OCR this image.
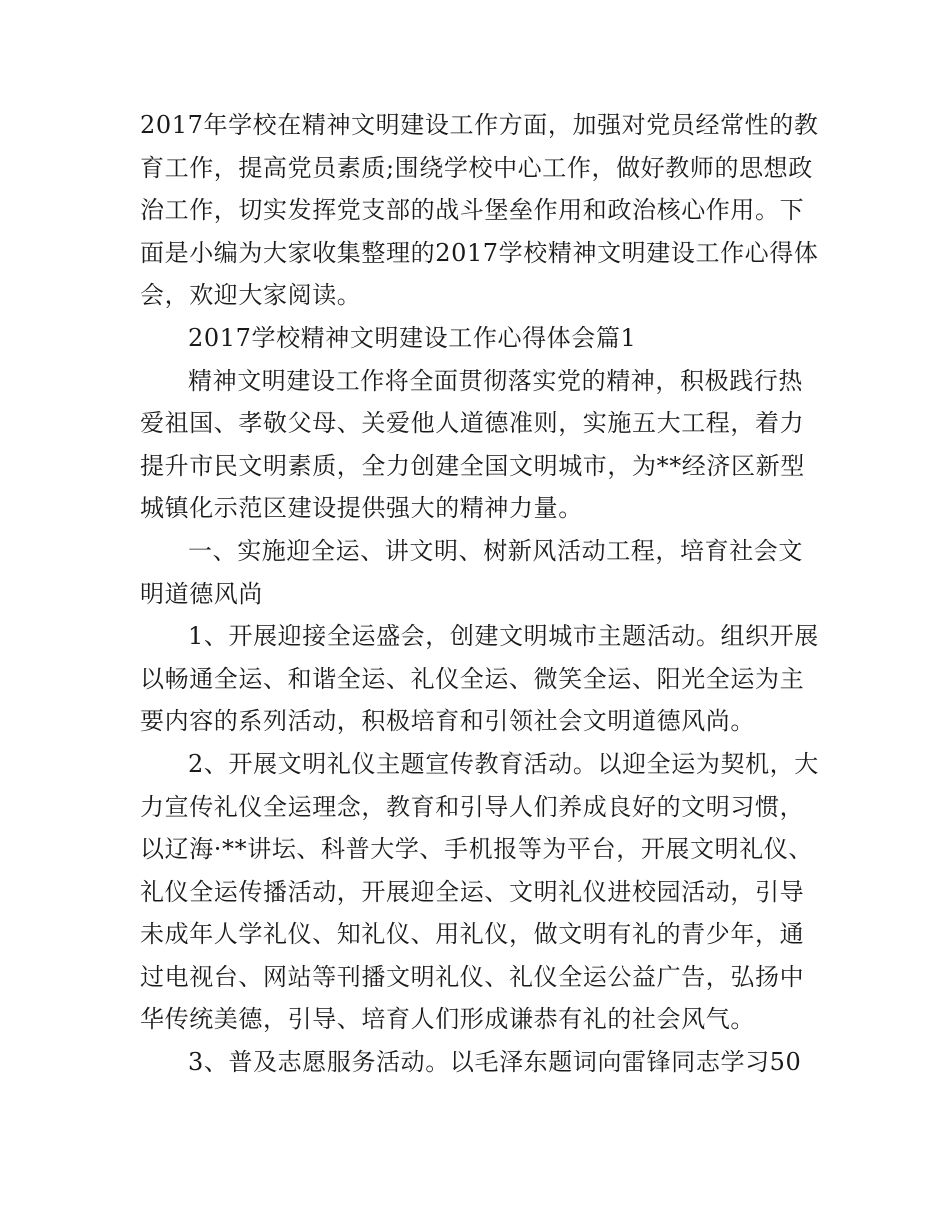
2017年学校在精神文明建设工作方面，加强对党员经常性的教育工作，提高党员素质;围绕学校中心工作，做好教师的思想政治工作，切实发挥党支部的战斗堡垒作用和政治核心作用。下面是小编为大家收集整理的2017学校精神文明建设工作心得体会，欢迎大家阅读。

2017学校精神文明建设工作心得体会篇1

精神文明建设工作将全面贯彻落实党的精神，积极践行热爱祖国、孝敬父母、关爱他人道德准则，实施五大工程，着力提升市民文明素质，全力创建全国文明城市，为**经济区新型城镇化示范区建设提供强大的精神力量。

一、实施迎全运、讲文明、树新风活动工程，培育社会文明道德风尚

1、开展迎接全运盛会，创建文明城市主题活动。组织开展以畅通全运、和谐全运、礼仪全运、微笑全运、阳光全运为主要内容的系列活动，积极培育和引领社会文明道德风尚。

2、开展文明礼仪主题宣传教育活动。以迎全运为契机，大力宣传礼仪全运理念，教育和引导人们养成良好的文明习惯，以辽海·**讲坛、科普大学、手机报等为平台，开展文明礼仪、礼仪全运传播活动，开展迎全运、文明礼仪进校园活动，引导未成年人学礼仪、知礼仪、用礼仪，做文明有礼的青少年，通过电视台、网站等刊播文明礼仪、礼仪全运公益广告，弘扬中华传统美德，引导、培育人们形成谦恭有礼的社会风气。

3、普及志愿服务活动。以毛泽东题词向雷锋同志学习50
